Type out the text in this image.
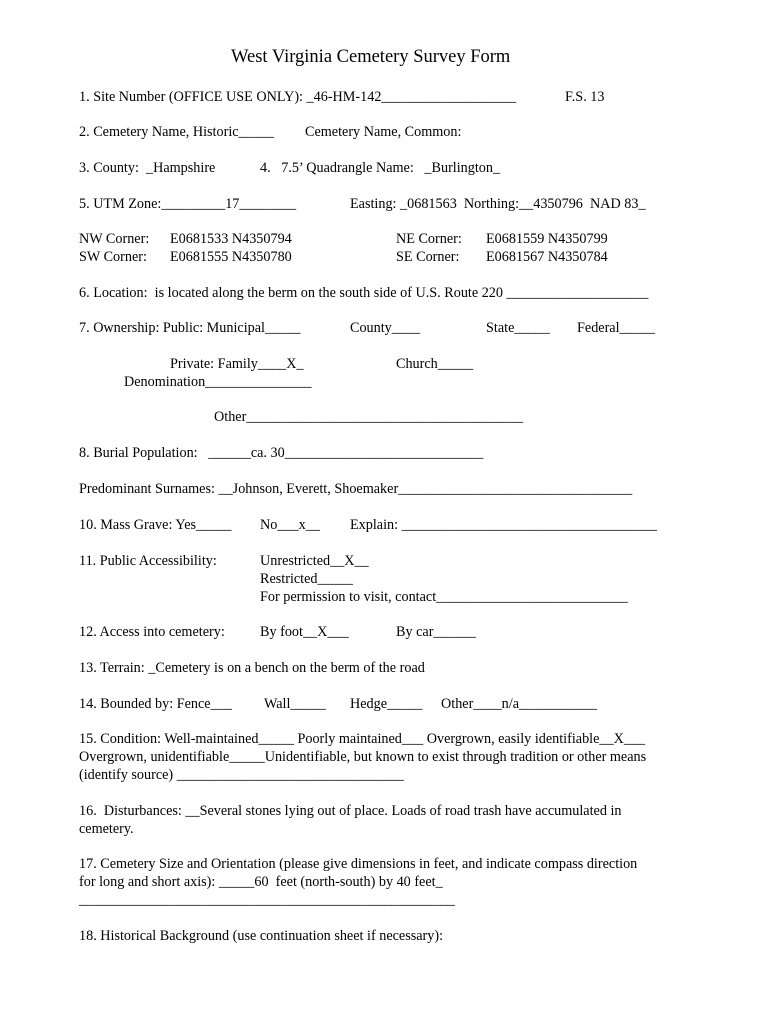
West Virginia Cemetery Survey Form
1. Site Number (OFFICE USE ONLY): _46-HM-142___________________	F.S. 13
2. Cemetery Name, Historic_____ Cemetery Name, Common:
3. County:  _Hampshire	4.   7.5’ Quadrangle Name:   _Burlington_
5. UTM Zone:_________17________	Easting: _0681563  Northing:__4350796  NAD 83_
NW Corner: E0681533 N4350794	NE Corner: E0681559 N4350799
SW Corner: E0681555 N4350780	SE Corner: E0681567 N4350784
6. Location:  is located along the berm on the south side of U.S. Route 220 ____________________
7. Ownership: Public: Municipal_____	County____	State_____ Federal_____
Private: Family____X_	Church_____
Denomination_______________
Other_______________________________________
8. Burial Population:   ______ca. 30____________________________
Predominant Surnames: __Johnson, Everett, Shoemaker_________________________________
10. Mass Grave: Yes_____ No___x__ Explain: ____________________________________
11. Public Accessibility:	Unrestricted__X__
Restricted_____
For permission to visit, contact___________________________
12. Access into cemetery: By foot__X___	By car______
13. Terrain: _Cemetery is on a bench on the berm of the road
14. Bounded by: Fence___ Wall_____ Hedge_____ Other____n/a___________
15. Condition: Well-maintained_____ Poorly maintained___ Overgrown, easily identifiable__X___
Overgrown, unidentifiable_____Unidentifiable, but known to exist through tradition or other means
(identify source) ________________________________
16.  Disturbances: __Several stones lying out of place. Loads of road trash have accumulated in
cemetery.
17. Cemetery Size and Orientation (please give dimensions in feet, and indicate compass direction
for long and short axis): _____60  feet (north-south) by 40 feet_
_____________________________________________________
18. Historical Background (use continuation sheet if necessary):
